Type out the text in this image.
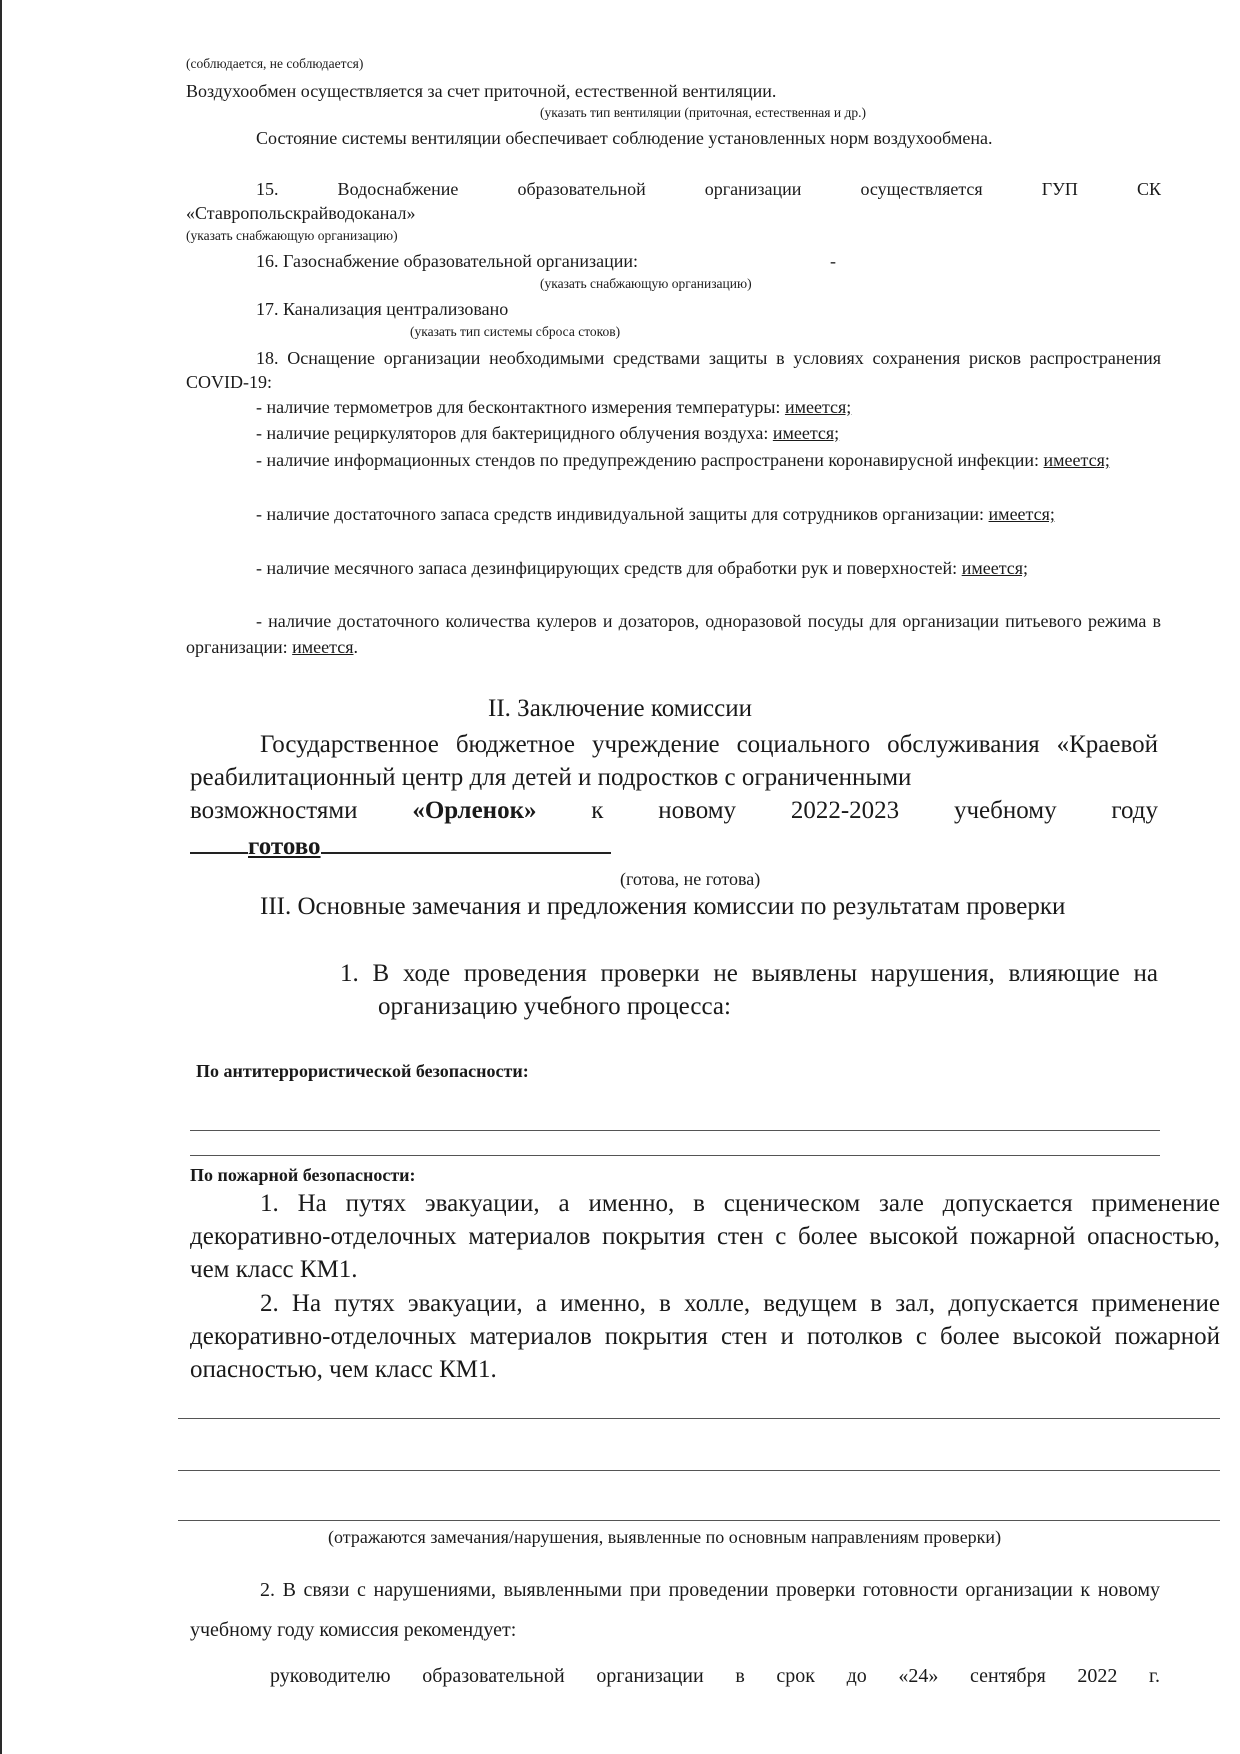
(соблюдается, не соблюдается)

Воздухообмен осуществляется за счет приточной, естественной вентиляции.

(указать тип вентиляции (приточная, естественная и др.)

Состояние системы вентиляции обеспечивает соблюдение установленных норм воздухообмена.

15. Водоснабжение образовательной организации осуществляется ГУП СК

«Ставропольскрайводоканал»

(указать снабжающую организацию)

16. Газоснабжение образовательной организации:	-

(указать снабжающую организацию)

17. Канализация централизовано

(указать тип системы сброса стоков)

18. Оснащение организации необходимыми средствами защиты в условиях сохранения рисков распространения COVID-19:

- наличие термометров для бесконтактного измерения температуры: имеется;

- наличие рециркуляторов для бактерицидного облучения воздуха: имеется;

- наличие информационных стендов по предупреждению распространени коронавирусной инфекции: имеется;

- наличие достаточного запаса средств индивидуальной защиты для сотрудников организации: имеется;

- наличие месячного запаса дезинфицирующих средств для обработки рук и поверхностей: имеется;

- наличие достаточного количества кулеров и дозаторов, одноразовой посуды для организации питьевого режима в организации: имеется.

II. Заключение комиссии

Государственное бюджетное учреждение социального обслуживания «Краевой реабилитационный центр для детей и подростков с ограниченными

возможностями «Орленок» к новому 2022-2023 учебному году
готово

(готова, не готова)

III. Основные замечания и предложения комиссии по результатам проверки

1. В ходе проведения проверки не выявлены нарушения, влияющие на организацию учебного процесса:

По антитеррористической безопасности:

По пожарной безопасности:

1. На путях эвакуации, а именно, в сценическом зале допускается применение декоративно-отделочных материалов покрытия стен с более высокой пожарной опасностью, чем класс КМ1.

2. На путях эвакуации, а именно, в холле, ведущем в зал, допускается применение декоративно-отделочных материалов покрытия стен и потолков с более высокой пожарной опасностью, чем класс КМ1.

(отражаются замечания/нарушения, выявленные по основным направлениям проверки)

2. В связи с нарушениями, выявленными при проведении проверки готовности организации к новому учебному году комиссия рекомендует:

руководителю образовательной организации в срок до «24» сентября 2022 г.
